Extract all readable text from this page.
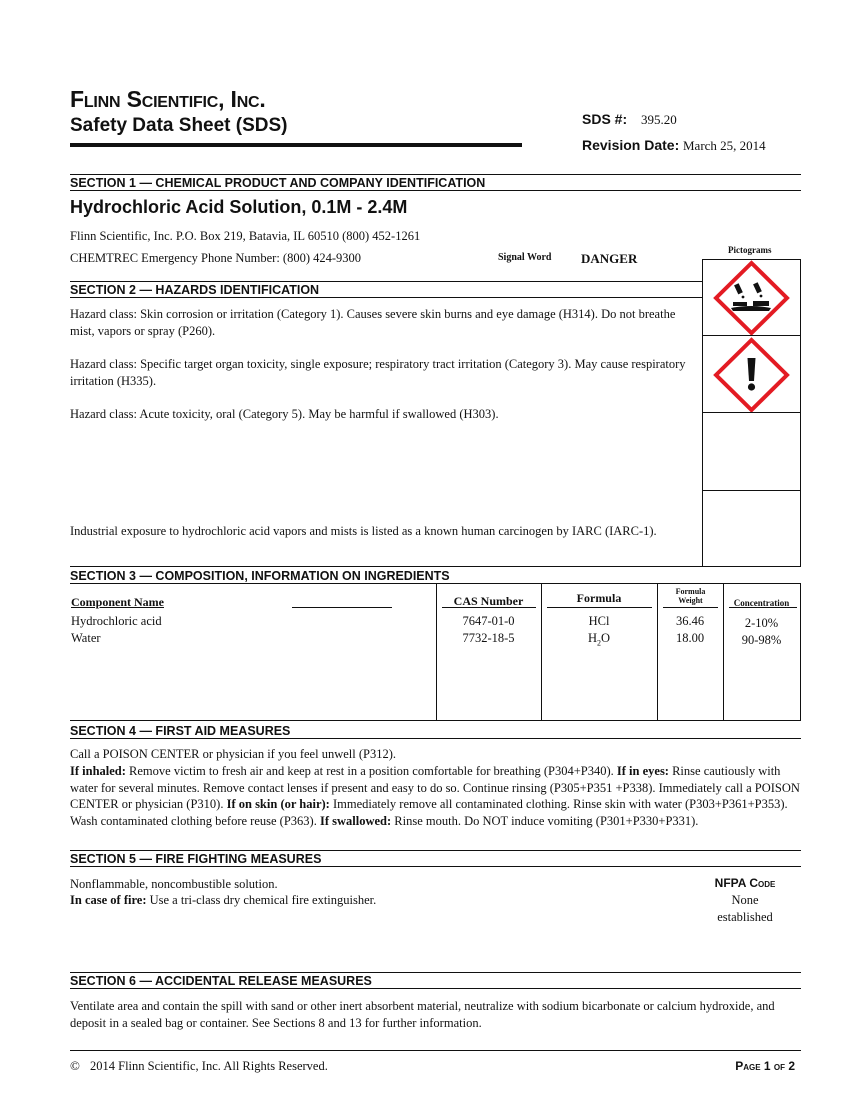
Flinn Scientific, Inc.
Safety Data Sheet (SDS)	SDS #: 395.20
Revision Date: March 25, 2014
SECTION 1 — CHEMICAL PRODUCT AND COMPANY IDENTIFICATION
Hydrochloric Acid Solution, 0.1M - 2.4M
Flinn Scientific, Inc. P.O. Box 219, Batavia, IL 60510 (800) 452-1261
CHEMTREC Emergency Phone Number: (800) 424-9300	Signal Word DANGER
Pictograms
SECTION 2 — HAZARDS IDENTIFICATION
Hazard class: Skin corrosion or irritation (Category 1). Causes severe skin burns and eye damage (H314). Do not breathe mist, vapors or spray (P260).
Hazard class: Specific target organ toxicity, single exposure; respiratory tract irritation (Category 3). May cause respiratory irritation (H335).
Hazard class: Acute toxicity, oral (Category 5). May be harmful if swallowed (H303).
Industrial exposure to hydrochloric acid vapors and mists is listed as a known human carcinogen by IARC (IARC-1).
SECTION 3 — COMPOSITION, INFORMATION ON INGREDIENTS
Component Name	CAS Number	Formula	Formula Weight	Concentration
Hydrochloric acid	7647-01-0	HCl	36.46	2-10%
Water	7732-18-5	$H_2O$	18.00	90-98%
SECTION 4 — FIRST AID MEASURES
Call a POISON CENTER or physician if you feel unwell (P312).
If inhaled: Remove victim to fresh air and keep at rest in a position comfortable for breathing (P304+P340). If in eyes: Rinse cautiously with water for several minutes. Remove contact lenses if present and easy to do so. Continue rinsing (P305+P351 +P338). Immediately call a POISON CENTER or physician (P310). If on skin (or hair): Immediately remove all contaminated clothing. Rinse skin with water (P303+P361+P353). Wash contaminated clothing before reuse (P363). If swallowed: Rinse mouth. Do NOT induce vomiting (P301+P330+P331).
SECTION 5 — FIRE FIGHTING MEASURES
Nonflammable, noncombustible solution.
In case of fire: Use a tri-class dry chemical fire extinguisher.
NFPA Code
None
established
SECTION 6 — ACCIDENTAL RELEASE MEASURES
Ventilate area and contain the spill with sand or other inert absorbent material, neutralize with sodium bicarbonate or calcium hydroxide, and deposit in a sealed bag or container. See Sections 8 and 13 for further information.
© 2014 Flinn Scientific, Inc. All Rights Reserved.	Page 1 of 2
